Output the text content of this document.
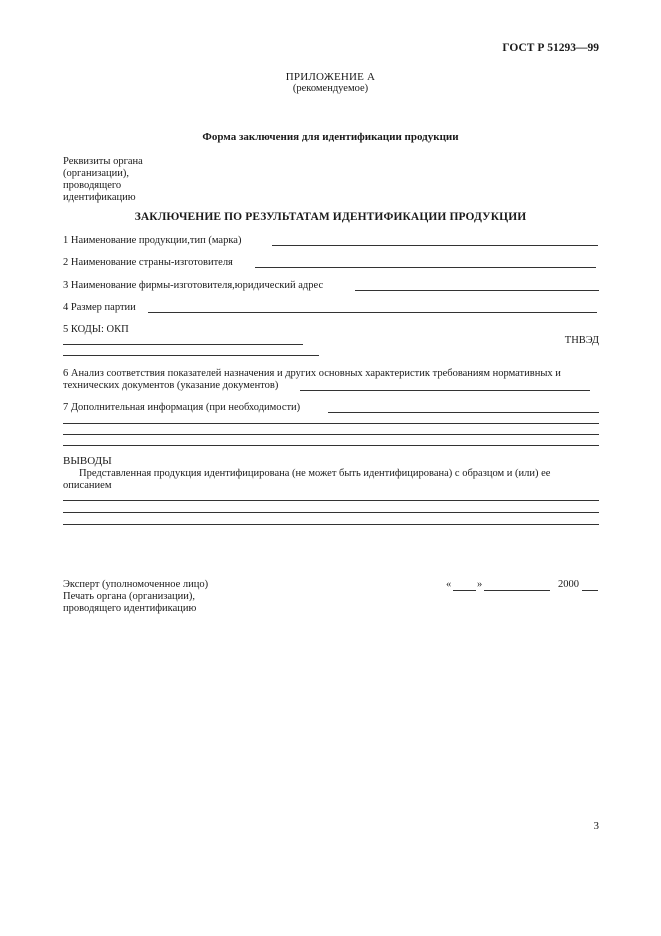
ГОСТ Р 51293—99
ПРИЛОЖЕНИЕ А
(рекомендуемое)
Форма заключения для идентификации продукции
Реквизиты органа
(организации),
проводящего
идентификацию
ЗАКЛЮЧЕНИЕ ПО РЕЗУЛЬТАТАМ ИДЕНТИФИКАЦИИ ПРОДУКЦИИ
1 Наименование продукции,тип (марка)
2 Наименование страны-изготовителя
3 Наименование фирмы-изготовителя,юридический адрес
4 Размер партии
5 КОДЫ: ОКП
ТНВЭД
6 Анализ соответствия показателей назначения и других основных характеристик требованиям нормативных и
технических документов (указание документов)
7 Дополнительная информация (при необходимости)
ВЫВОДЫ
Представленная продукция идентифицирована (не может быть идентифицирована) с образцом и (или) ее
описанием
Эксперт (уполномоченное лицо)
Печать органа (организации),
проводящего идентификацию
« »	2000
3
